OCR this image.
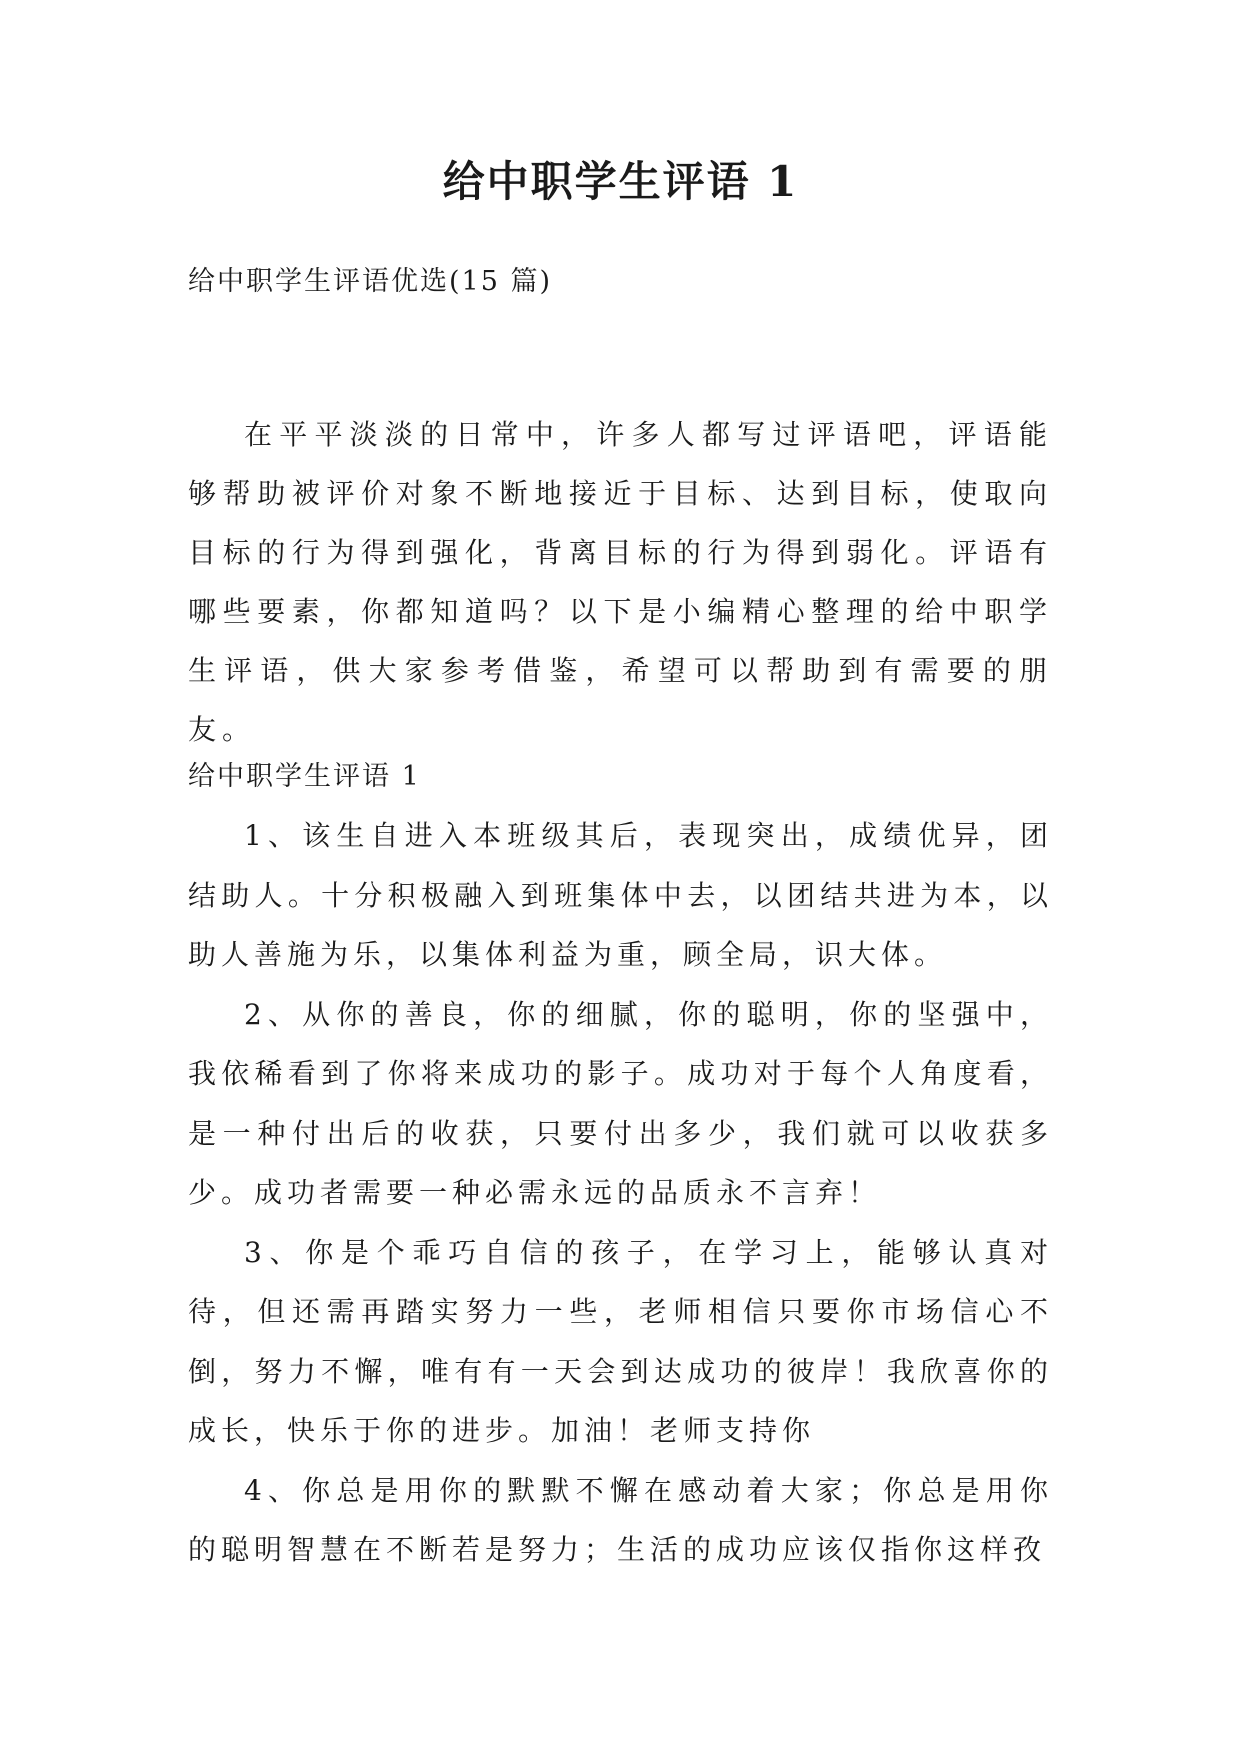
给中职学生评语 1

给中职学生评语优选(15 篇)

在平平淡淡的日常中，许多人都写过评语吧，评语能够帮助被评价对象不断地接近于目标、达到目标，使取向目标的行为得到强化，背离目标的行为得到弱化。评语有哪些要素，你都知道吗？以下是小编精心整理的给中职学生评语，供大家参考借鉴，希望可以帮助到有需要的朋友。

给中职学生评语 1

1、该生自进入本班级其后，表现突出，成绩优异，团结助人。十分积极融入到班集体中去，以团结共进为本，以助人善施为乐，以集体利益为重，顾全局，识大体。

2、从你的善良，你的细腻，你的聪明，你的坚强中，我依稀看到了你将来成功的影子。成功对于每个人角度看，是一种付出后的收获，只要付出多少，我们就可以收获多少。成功者需要一种必需永远的品质永不言弃！

3、你是个乖巧自信的孩子，在学习上，能够认真对待，但还需再踏实努力一些，老师相信只要你市场信心不倒，努力不懈，唯有有一天会到达成功的彼岸！我欣喜你的成长，快乐于你的进步。加油！老师支持你

4、你总是用你的默默不懈在感动着大家；你总是用你的聪明智慧在不断若是努力；生活的成功应该仅指你这样孜
